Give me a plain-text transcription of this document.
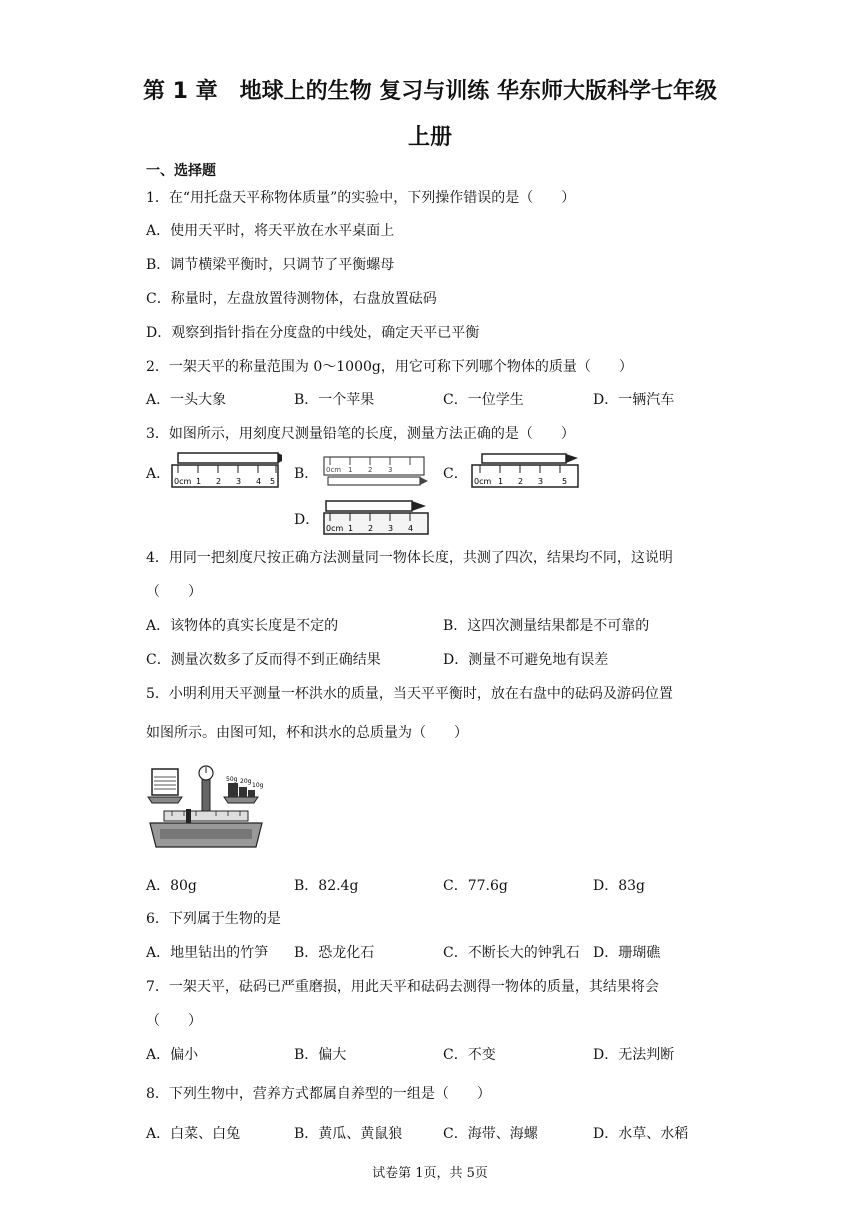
第 1 章　地球上的生物 复习与训练 华东师大版科学七年级
上册
一、选择题
1．在“用托盘天平称物体质量”的实验中，下列操作错误的是（　　）
A．使用天平时，将天平放在水平桌面上
B．调节横梁平衡时，只调节了平衡螺母
C．称量时，左盘放置待测物体，右盘放置砝码
D．观察到指针指在分度盘的中线处，确定天平已平衡
2．一架天平的称量范围为 0～1000g，用它可称下列哪个物体的质量（　　）
A．一头大象	B．一个苹果	C．一位学生	D．一辆汽车
3．如图所示，用刻度尺测量铅笔的长度，测量方法正确的是（　　）
A．	B．	C．
D．
0cm 1 2 3 4 5
0cm 1 2 3
0cm 1 2 3 5
0cm 1 2 3 4
4．用同一把刻度尺按正确方法测量同一物体长度，共测了四次，结果均不同，这说明
（　　）
A．该物体的真实长度是不定的	B．这四次测量结果都是不可靠的
C．测量次数多了反而得不到正确结果	D．测量不可避免地有误差
5．小明利用天平测量一杯洪水的质量，当天平平衡时，放在右盘中的砝码及游码位置
如图所示。由图可知，杯和洪水的总质量为（　　）
50g 20g
10g
A．80g	B．82.4g	C．77.6g	D．83g
6．下列属于生物的是
A．地里钻出的竹笋 B．恐龙化石	C．不断长大的钟乳石 D．珊瑚礁
7．一架天平，砝码已严重磨损，用此天平和砝码去测得一物体的质量，其结果将会
（　　）
A．偏小	B．偏大	C．不变	D．无法判断
8．下列生物中，营养方式都属自养型的一组是（　　）
A．白菜、白兔	B．黄瓜、黄鼠狼	C．海带、海螺	D．水草、水稻
试卷第 1页，共 5页
